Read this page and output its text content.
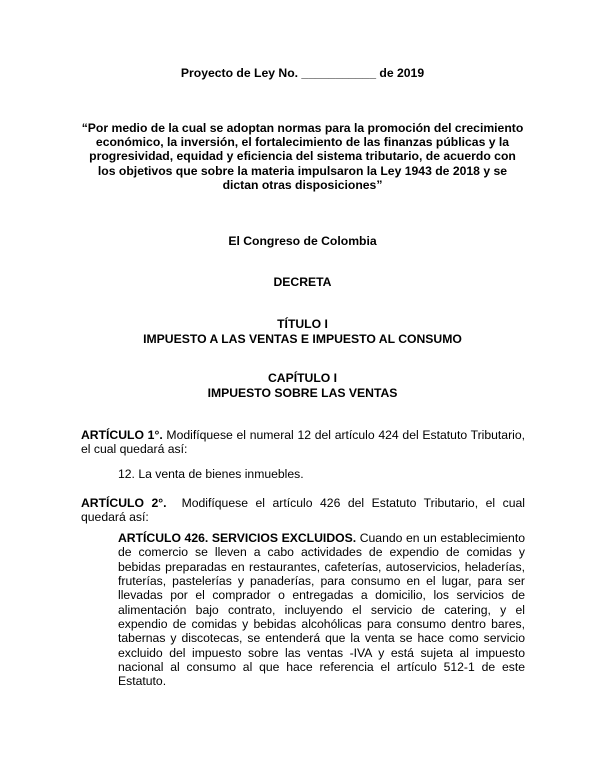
Proyecto de Ley No. ___________ de 2019
“Por medio de la cual se adoptan normas para la promoción del crecimiento económico, la inversión, el fortalecimiento de las finanzas públicas y la progresividad, equidad y eficiencia del sistema tributario, de acuerdo con los objetivos que sobre la materia impulsaron la Ley 1943 de 2018 y se dictan otras disposiciones”
El Congreso de Colombia
DECRETA
TÍTULO I
IMPUESTO A LAS VENTAS E IMPUESTO AL CONSUMO
CAPÍTULO I
IMPUESTO SOBRE LAS VENTAS
ARTÍCULO 1°. Modifíquese el numeral 12 del artículo 424 del Estatuto Tributario, el cual quedará así:
12. La venta de bienes inmuebles.
ARTÍCULO 2°.  Modifíquese el artículo 426 del Estatuto Tributario, el cual quedará así:
ARTÍCULO 426. SERVICIOS EXCLUIDOS. Cuando en un establecimiento de comercio se lleven a cabo actividades de expendio de comidas y bebidas preparadas en restaurantes, cafeterías, autoservicios, heladerías, fruterías, pastelerías y panaderías, para consumo en el lugar, para ser llevadas por el comprador o entregadas a domicilio, los servicios de alimentación bajo contrato, incluyendo el servicio de catering, y el expendio de comidas y bebidas alcohólicas para consumo dentro bares, tabernas y discotecas, se entenderá que la venta se hace como servicio excluido del impuesto sobre las ventas -IVA y está sujeta al impuesto nacional al consumo al que hace referencia el artículo 512-1 de este Estatuto.
